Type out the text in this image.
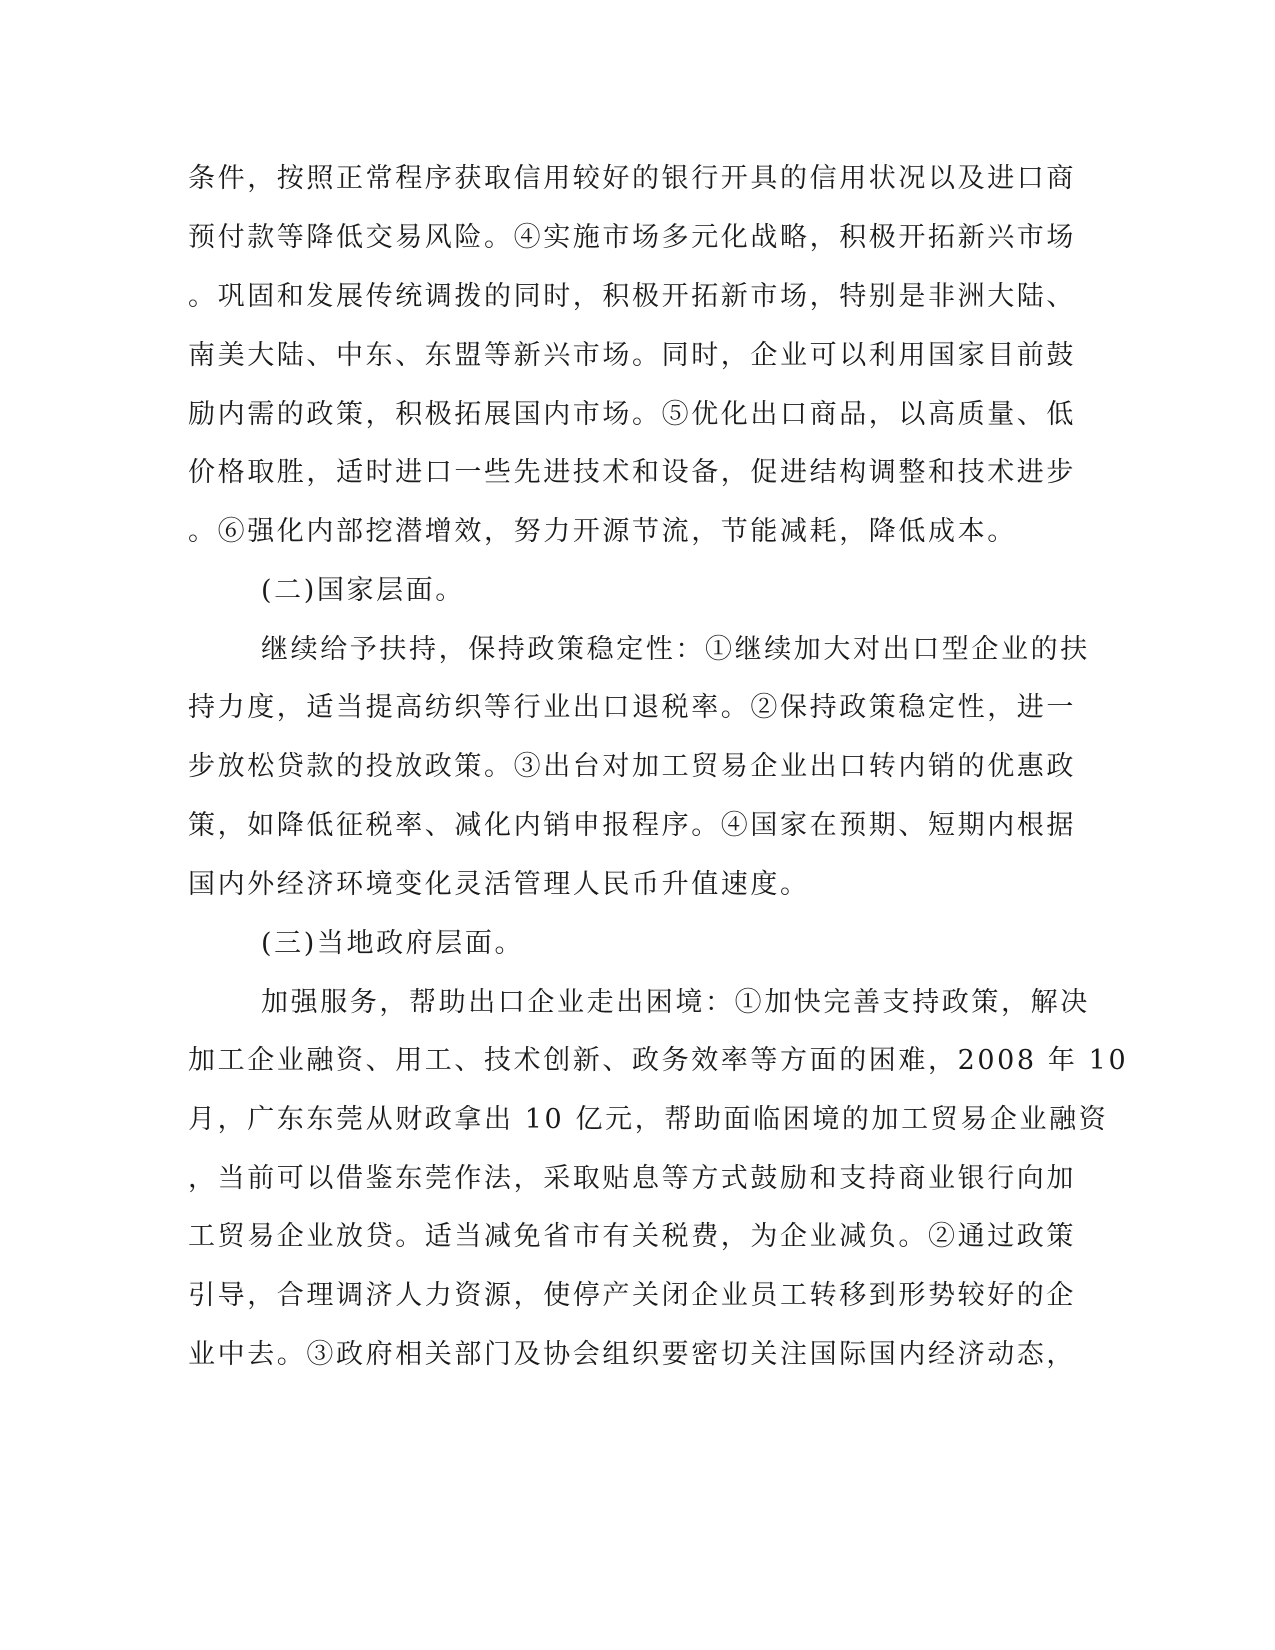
条件，按照正常程序获取信用较好的银行开具的信用状况以及进口商
预付款等降低交易风险。④实施市场多元化战略，积极开拓新兴市场
。巩固和发展传统调拨的同时，积极开拓新市场，特别是非洲大陆、
南美大陆、中东、东盟等新兴市场。同时，企业可以利用国家目前鼓
励内需的政策，积极拓展国内市场。⑤优化出口商品，以高质量、低
价格取胜，适时进口一些先进技术和设备，促进结构调整和技术进步
。⑥强化内部挖潜增效，努力开源节流，节能减耗，降低成本。
(二)国家层面。
继续给予扶持，保持政策稳定性：①继续加大对出口型企业的扶
持力度，适当提高纺织等行业出口退税率。②保持政策稳定性，进一
步放松贷款的投放政策。③出台对加工贸易企业出口转内销的优惠政
策，如降低征税率、减化内销申报程序。④国家在预期、短期内根据
国内外经济环境变化灵活管理人民币升值速度。
(三)当地政府层面。
加强服务，帮助出口企业走出困境：①加快完善支持政策，解决
加工企业融资、用工、技术创新、政务效率等方面的困难，2008 年 10
月，广东东莞从财政拿出 10 亿元，帮助面临困境的加工贸易企业融资
，当前可以借鉴东莞作法，采取贴息等方式鼓励和支持商业银行向加
工贸易企业放贷。适当减免省市有关税费，为企业减负。②通过政策
引导，合理调济人力资源，使停产关闭企业员工转移到形势较好的企
业中去。③政府相关部门及协会组织要密切关注国际国内经济动态，
